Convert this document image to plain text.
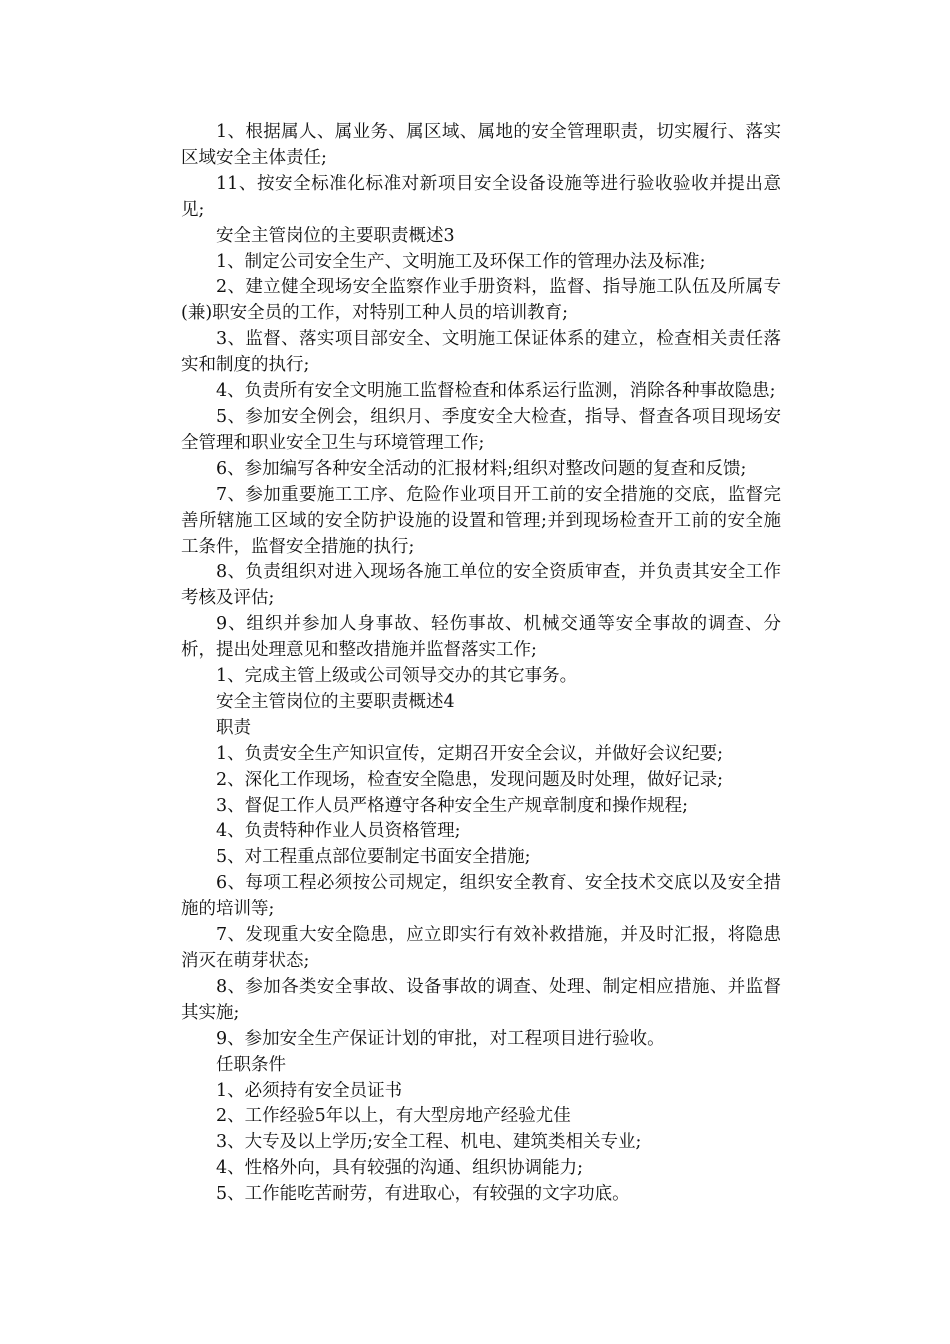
1、根据属人、属业务、属区域、属地的安全管理职责，切实履行、落实区域安全主体责任;

11、按安全标准化标准对新项目安全设备设施等进行验收验收并提出意见;

安全主管岗位的主要职责概述3

1、制定公司安全生产、文明施工及环保工作的管理办法及标准;

2、建立健全现场安全监察作业手册资料，监督、指导施工队伍及所属专(兼)职安全员的工作，对特别工种人员的培训教育;

3、监督、落实项目部安全、文明施工保证体系的建立，检查相关责任落实和制度的执行;

4、负责所有安全文明施工监督检查和体系运行监测，消除各种事故隐患;

5、参加安全例会，组织月、季度安全大检查，指导、督查各项目现场安全管理和职业安全卫生与环境管理工作;

6、参加编写各种安全活动的汇报材料;组织对整改问题的复查和反馈;

7、参加重要施工工序、危险作业项目开工前的安全措施的交底，监督完善所辖施工区域的安全防护设施的设置和管理;并到现场检查开工前的安全施工条件，监督安全措施的执行;

8、负责组织对进入现场各施工单位的安全资质审查，并负责其安全工作考核及评估;

9、组织并参加人身事故、轻伤事故、机械交通等安全事故的调查、分析，提出处理意见和整改措施并监督落实工作;

1、完成主管上级或公司领导交办的其它事务。

安全主管岗位的主要职责概述4

职责

1、负责安全生产知识宣传，定期召开安全会议，并做好会议纪要;

2、深化工作现场，检查安全隐患，发现问题及时处理，做好记录;

3、督促工作人员严格遵守各种安全生产规章制度和操作规程;

4、负责特种作业人员资格管理;

5、对工程重点部位要制定书面安全措施;

6、每项工程必须按公司规定，组织安全教育、安全技术交底以及安全措施的培训等;

7、发现重大安全隐患，应立即实行有效补救措施，并及时汇报，将隐患消灭在萌芽状态;

8、参加各类安全事故、设备事故的调查、处理、制定相应措施、并监督其实施;

9、参加安全生产保证计划的审批，对工程项目进行验收。

任职条件

1、必须持有安全员证书

2、工作经验5年以上，有大型房地产经验尤佳

3、大专及以上学历;安全工程、机电、建筑类相关专业;

4、性格外向，具有较强的沟通、组织协调能力;

5、工作能吃苦耐劳，有进取心，有较强的文字功底。
